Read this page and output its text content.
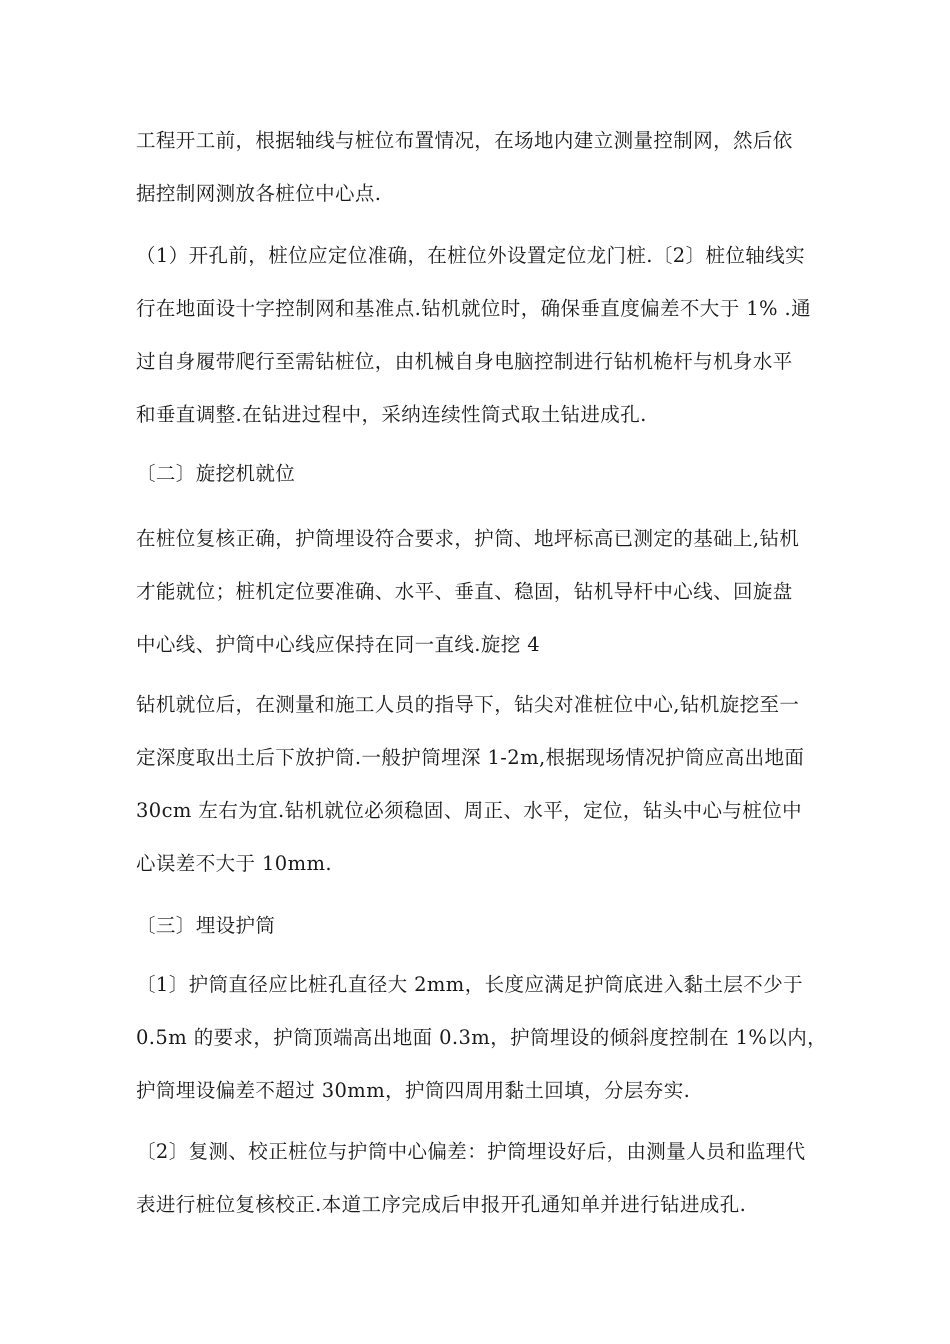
工程开工前，根据轴线与桩位布置情况，在场地内建立测量控制网，然后依
据控制网测放各桩位中心点.

（1）开孔前，桩位应定位准确，在桩位外设置定位龙门桩.〔2〕桩位轴线实
行在地面设十字控制网和基准点.钻机就位时，确保垂直度偏差不大于 1% .通
过自身履带爬行至需钻桩位，由机械自身电脑控制进行钻机桅杆与机身水平
和垂直调整.在钻进过程中，采纳连续性筒式取土钻进成孔.

〔二〕旋挖机就位

在桩位复核正确，护筒埋设符合要求，护筒、地坪标高已测定的基础上,钻机
才能就位；桩机定位要准确、水平、垂直、稳固，钻机导杆中心线、回旋盘
中心线、护筒中心线应保持在同一直线.旋挖 4

钻机就位后，在测量和施工人员的指导下，钻尖对准桩位中心,钻机旋挖至一
定深度取出土后下放护筒.一般护筒埋深 1-2m,根据现场情况护筒应高出地面
30cm 左右为宜.钻机就位必须稳固、周正、水平，定位，钻头中心与桩位中
心误差不大于 10mm.

〔三〕埋设护筒

〔1〕护筒直径应比桩孔直径大 2mm，长度应满足护筒底进入黏土层不少于
0.5m 的要求，护筒顶端高出地面 0.3m，护筒埋设的倾斜度控制在 1%以内，
护筒埋设偏差不超过 30mm，护筒四周用黏土回填，分层夯实.

〔2〕复测、校正桩位与护筒中心偏差：护筒埋设好后，由测量人员和监理代
表进行桩位复核校正.本道工序完成后申报开孔通知单并进行钻进成孔.
